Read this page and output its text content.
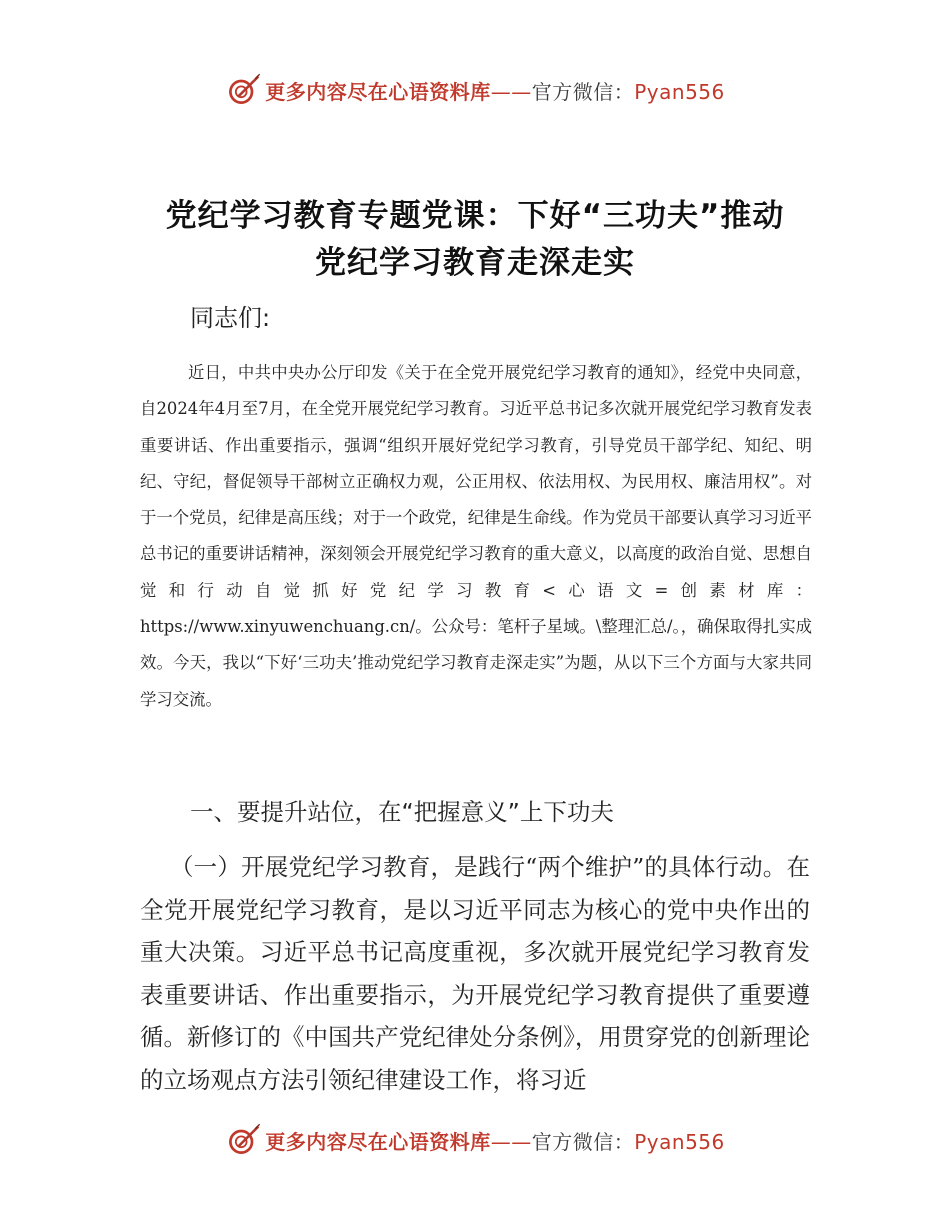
更多内容尽在心语资料库——官方微信：Pyan556
党纪学习教育专题党课：下好“三功夫”推动
党纪学习教育走深走实
同志们:

近日，中共中央办公厅印发《关于在全党开展党纪学习教育的通知》，经党中央同意，自2024年4月至7月，在全党开展党纪学习教育。习近平总书记多次就开展党纪学习教育发表重要讲话、作出重要指示，强调“组织开展好党纪学习教育，引导党员干部学纪、知纪、明纪、守纪，督促领导干部树立正确权力观，公正用权、依法用权、为民用权、廉洁用权”。对于一个党员，纪律是高压线；对于一个政党，纪律是生命线。作为党员干部要认真学习习近平总书记的重要讲话精神，深刻领会开展党纪学习教育的重大意义，以高度的政治自觉、思想自觉和行动自觉抓好党纪学习教育<心语文=创素材库：https://www.xinyuwenchuang.cn/。公众号：笔杆子星域。\整理汇总/。，确保取得扎实成效。今天，我以“下好‘三功夫’推动党纪学习教育走深走实”为题，从以下三个方面与大家共同学习交流。

一、要提升站位，在“把握意义”上下功夫

（一）开展党纪学习教育，是践行“两个维护”的具体行动。在全党开展党纪学习教育，是以习近平同志为核心的党中央作出的重大决策。习近平总书记高度重视，多次就开展党纪学习教育发表重要讲话、作出重要指示，为开展党纪学习教育提供了重要遵循。新修订的《中国共产党纪律处分条例》，用贯穿党的创新理论的立场观点方法引领纪律建设工作，将习近

更多内容尽在心语资料库——官方微信：Pyan556
